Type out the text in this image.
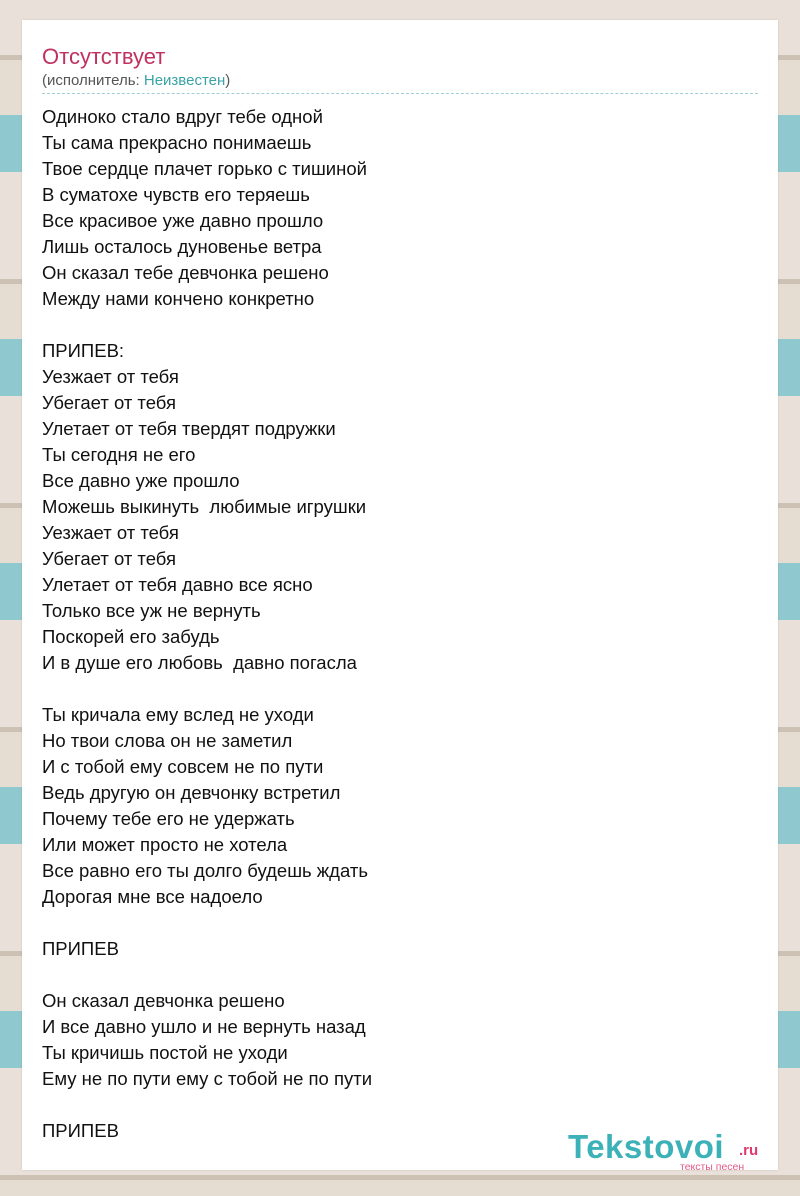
Отсутствует
(исполнитель: Неизвестен)
Одиноко стало вдруг тебе одной
Ты сама прекрасно понимаешь
Твое сердце плачет горько с тишиной
В суматохе чувств его теряешь
Все красивое уже давно прошло
Лишь осталось дуновенье ветра
Он сказал тебе девчонка решено
Между нами кончено конкретно
ПРИПЕВ:
Уезжает от тебя
Убегает от тебя
Улетает от тебя твердят подружки
Ты сегодня не его
Все давно уже прошло
Можешь выкинуть  любимые игрушки
Уезжает от тебя
Убегает от тебя
Улетает от тебя давно все ясно
Только все уж не вернуть
Поскорей его забудь
И в душе его любовь  давно погасла
Ты кричала ему вслед не уходи
Но твои слова он не заметил
И с тобой ему совсем не по пути
Ведь другую он девчонку встретил
Почему тебе его не удержать
Или может просто не хотела
Все равно его ты долго будешь ждать
Дорогая мне все надоело
ПРИПЕВ
Он сказал девчонка решено
И все давно ушло и не вернуть назад
Ты кричишь постой не уходи
Ему не по пути ему с тобой не по пути
ПРИПЕВ	Tekstovoi .ru
тексты песен
